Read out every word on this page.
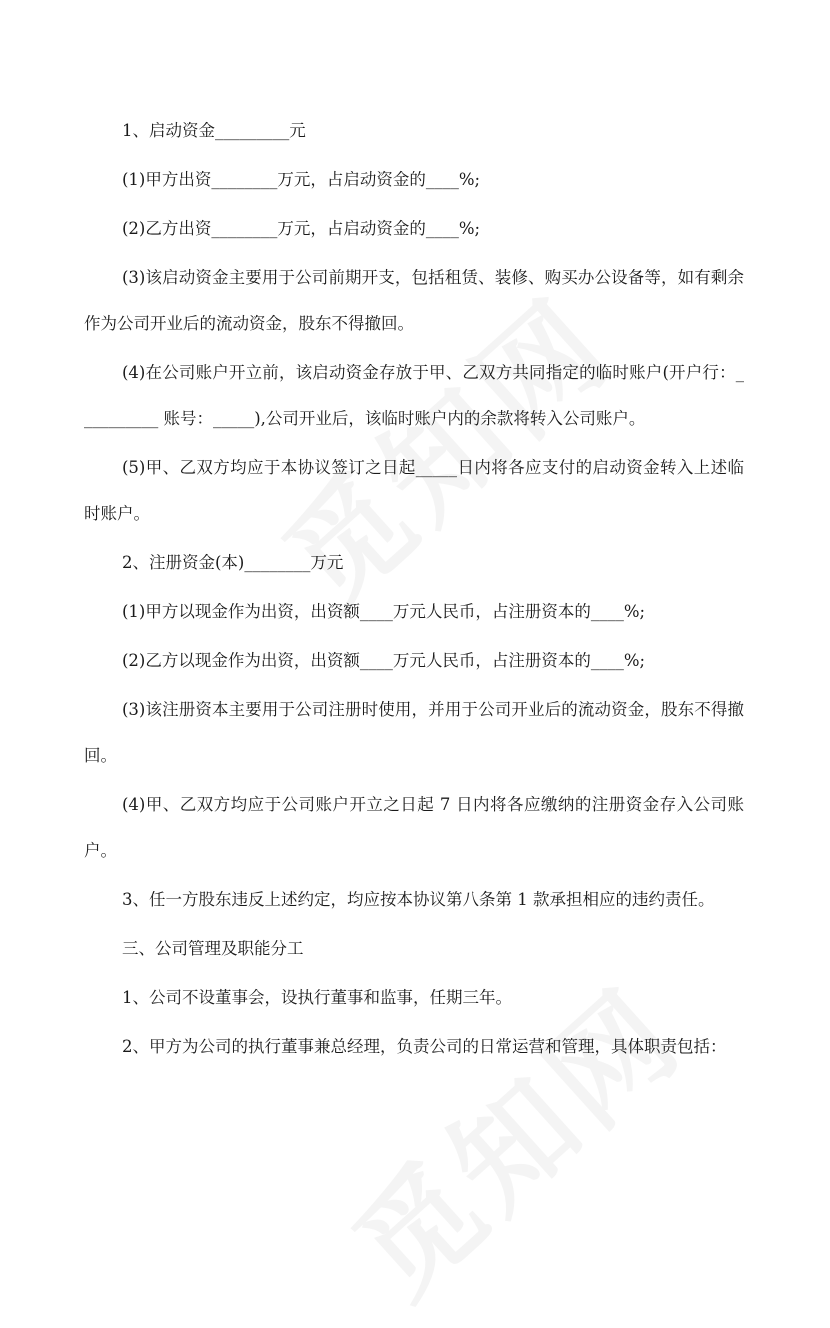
1、启动资金_________元

(1)甲方出资________万元，占启动资金的____%;

(2)乙方出资________万元，占启动资金的____%;

(3)该启动资金主要用于公司前期开支，包括租赁、装修、购买办公设备等，如有剩余作为公司开业后的流动资金，股东不得撤回。

(4)在公司账户开立前，该启动资金存放于甲、乙双方共同指定的临时账户(开户行：__________ 账号：_____),公司开业后，该临时账户内的余款将转入公司账户。

(5)甲、乙双方均应于本协议签订之日起_____日内将各应支付的启动资金转入上述临时账户。

2、注册资金(本)________万元

(1)甲方以现金作为出资，出资额____万元人民币，占注册资本的____%;

(2)乙方以现金作为出资，出资额____万元人民币，占注册资本的____%;

(3)该注册资本主要用于公司注册时使用，并用于公司开业后的流动资金，股东不得撤回。

(4)甲、乙双方均应于公司账户开立之日起 7 日内将各应缴纳的注册资金存入公司账户。

3、任一方股东违反上述约定，均应按本协议第八条第 1 款承担相应的违约责任。

三、公司管理及职能分工

1、公司不设董事会，设执行董事和监事，任期三年。

2、甲方为公司的执行董事兼总经理，负责公司的日常运营和管理，具体职责包括：
